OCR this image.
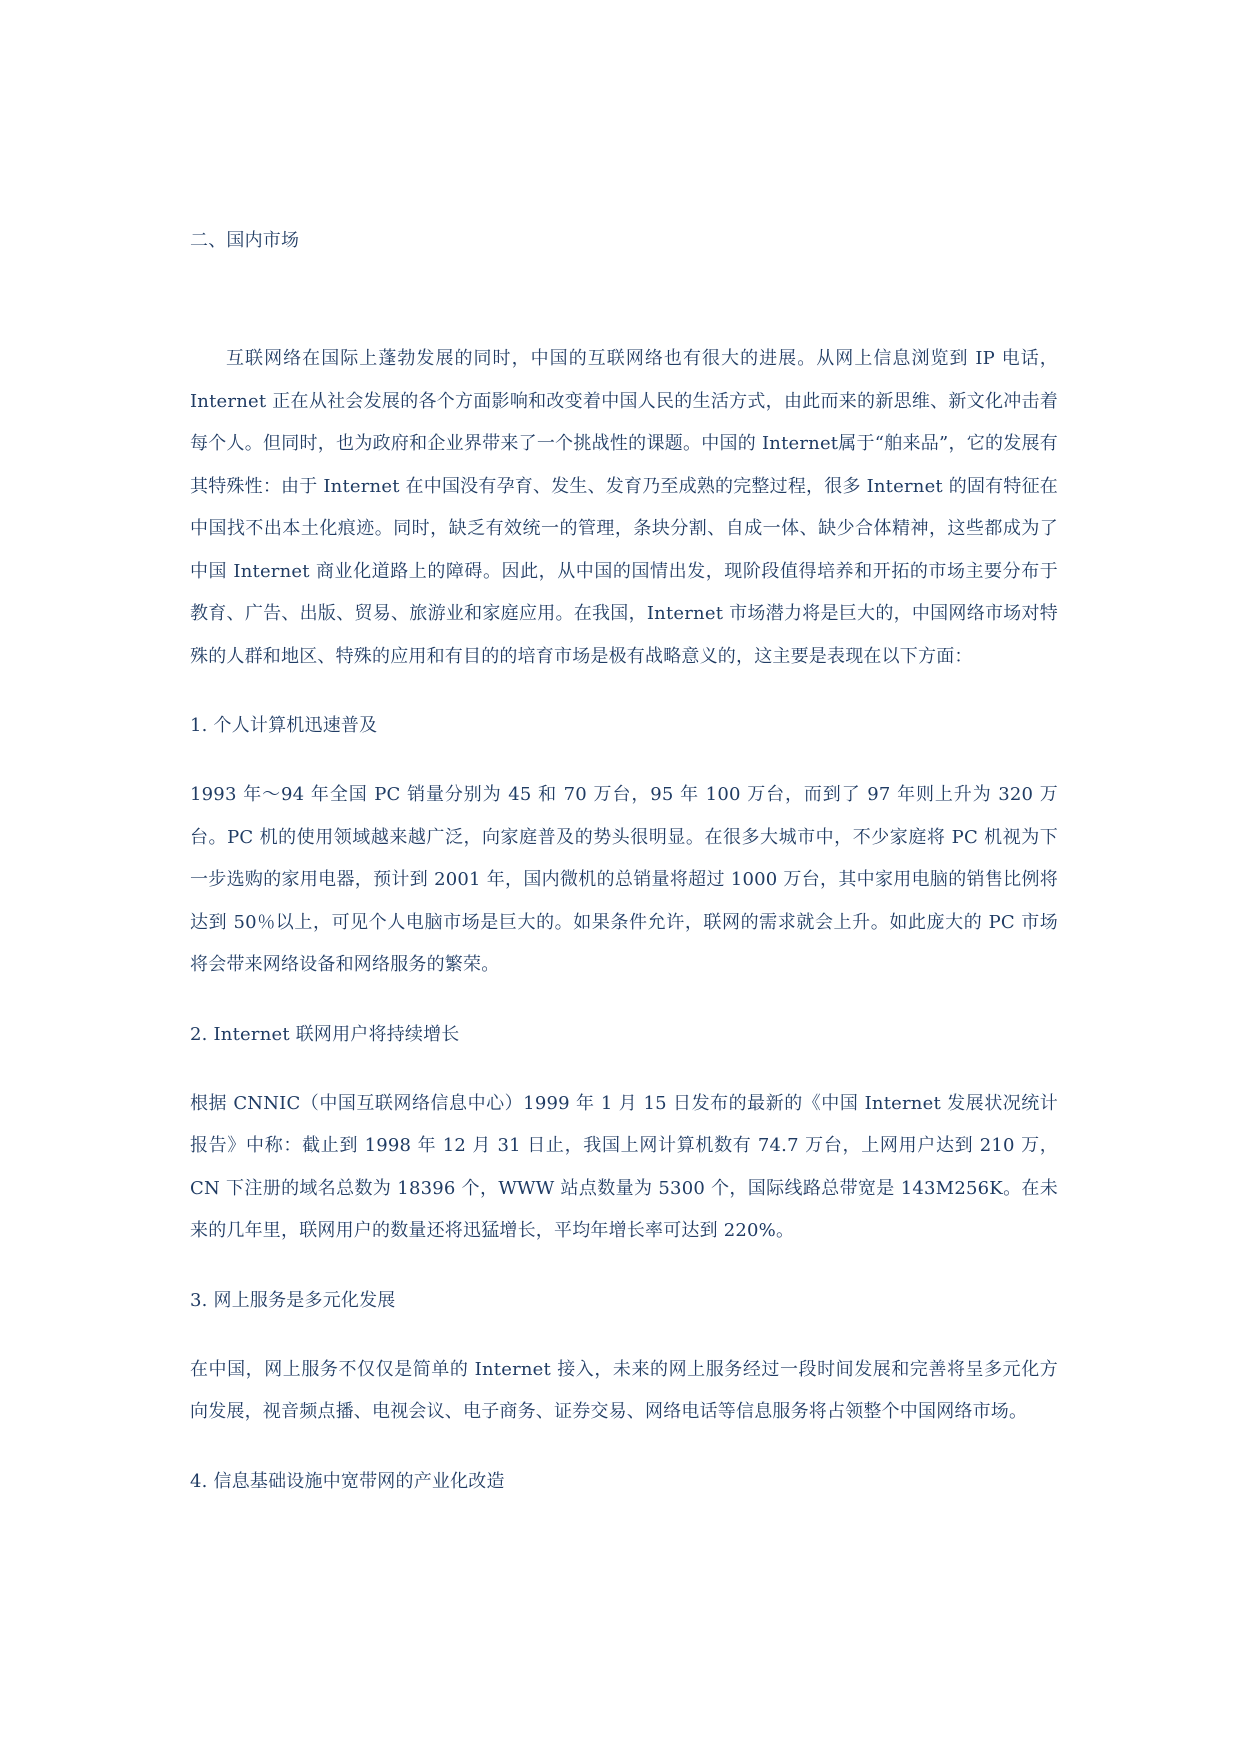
二、国内市场

互联网络在国际上蓬勃发展的同时，中国的互联网络也有很大的进展。从网上信息浏览到 IP 电话，Internet 正在从社会发展的各个方面影响和改变着中国人民的生活方式，由此而来的新思维、新文化冲击着每个人。但同时，也为政府和企业界带来了一个挑战性的课题。中国的 Internet属于“舶来品”，它的发展有其特殊性：由于 Internet 在中国没有孕育、发生、发育乃至成熟的完整过程，很多 Internet 的固有特征在中国找不出本土化痕迹。同时，缺乏有效统一的管理，条块分割、自成一体、缺少合体精神，这些都成为了中国 Internet 商业化道路上的障碍。因此，从中国的国情出发，现阶段值得培养和开拓的市场主要分布于教育、广告、出版、贸易、旅游业和家庭应用。在我国，Internet 市场潜力将是巨大的，中国网络市场对特殊的人群和地区、特殊的应用和有目的的培育市场是极有战略意义的，这主要是表现在以下方面：

1. 个人计算机迅速普及

1993 年～94 年全国 PC 销量分别为 45 和 70 万台，95 年 100 万台，而到了 97 年则上升为 320 万台。PC 机的使用领域越来越广泛，向家庭普及的势头很明显。在很多大城市中，不少家庭将 PC 机视为下一步选购的家用电器，预计到 2001 年，国内微机的总销量将超过 1000 万台，其中家用电脑的销售比例将达到 50％以上，可见个人电脑市场是巨大的。如果条件允许，联网的需求就会上升。如此庞大的 PC 市场将会带来网络设备和网络服务的繁荣。

2. Internet 联网用户将持续增长

根据 CNNIC（中国互联网络信息中心）1999 年 1 月 15 日发布的最新的《中国 Internet 发展状况统计报告》中称：截止到 1998 年 12 月 31 日止，我国上网计算机数有 74.7 万台，上网用户达到 210 万，CN 下注册的域名总数为 18396 个，WWW 站点数量为 5300 个，国际线路总带宽是 143M256K。在未来的几年里，联网用户的数量还将迅猛增长，平均年增长率可达到 220%。

3. 网上服务是多元化发展

在中国，网上服务不仅仅是简单的 Internet 接入，未来的网上服务经过一段时间发展和完善将呈多元化方向发展，视音频点播、电视会议、电子商务、证券交易、网络电话等信息服务将占领整个中国网络市场。

4. 信息基础设施中宽带网的产业化改造
